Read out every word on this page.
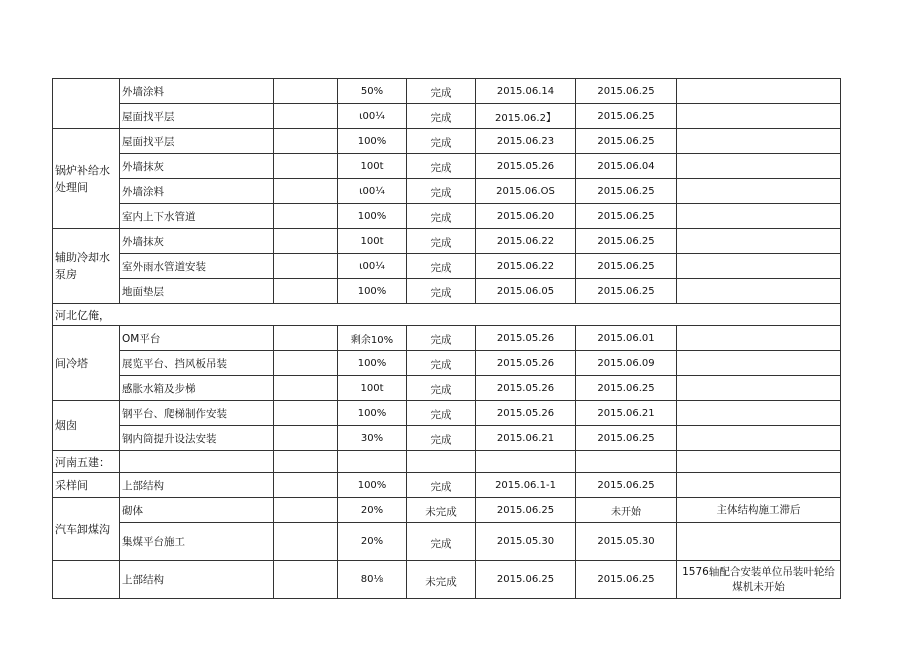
	外墙涂料		50%	完成	2015.06.14	2015.06.25	
	屋面找平层		ι00¼	完成	2015.06.2】	2015.06.25	
锅炉补给水处理间	屋面找平层		100%	完成	2015.06.23	2015.06.25	
	外墙抹灰		100t	完成	2015.05.26	2015.06.04	
	外墙涂料		ι00¼	完成	2015.06.OS	2015.06.25	
	室内上下水管道		100%	完成	2015.06.20	2015.06.25	
辅助冷却水泵房	外墙抹灰		100t	完成	2015.06.22	2015.06.25	
	室外雨水管道安装		ι00¼	完成	2015.06.22	2015.06.25	
	地面垫层		100%	完成	2015.06.05	2015.06.25	
河北亿俺，							
间冷塔	OM平台		剩余10%	完成	2015.05.26	2015.06.01	
	展览平台、挡风板吊装		100%	完成	2015.05.26	2015.06.09	
	感胀水箱及步梯		100t	完成	2015.05.26	2015.06.25	
烟囱	钢平台、爬梯制作安装		100%	完成	2015.05.26	2015.06.21	
	钢内筒提升设法安装		30%	完成	2015.06.21	2015.06.25	
河南五建：							
采样间	上部结构		100%	完成	2015.06.1-1	2015.06.25	
汽车卸煤沟	砌体		20%	未完成	2015.06.25	未开始	主体结构施工滞后
	集煤平台施工		20%	完成	2015.05.30	2015.05.30	
	上部结构		80⅛	未完成	2015.06.25	2015.06.25	1576轴配合安装单位吊装叶轮给煤机未开始
